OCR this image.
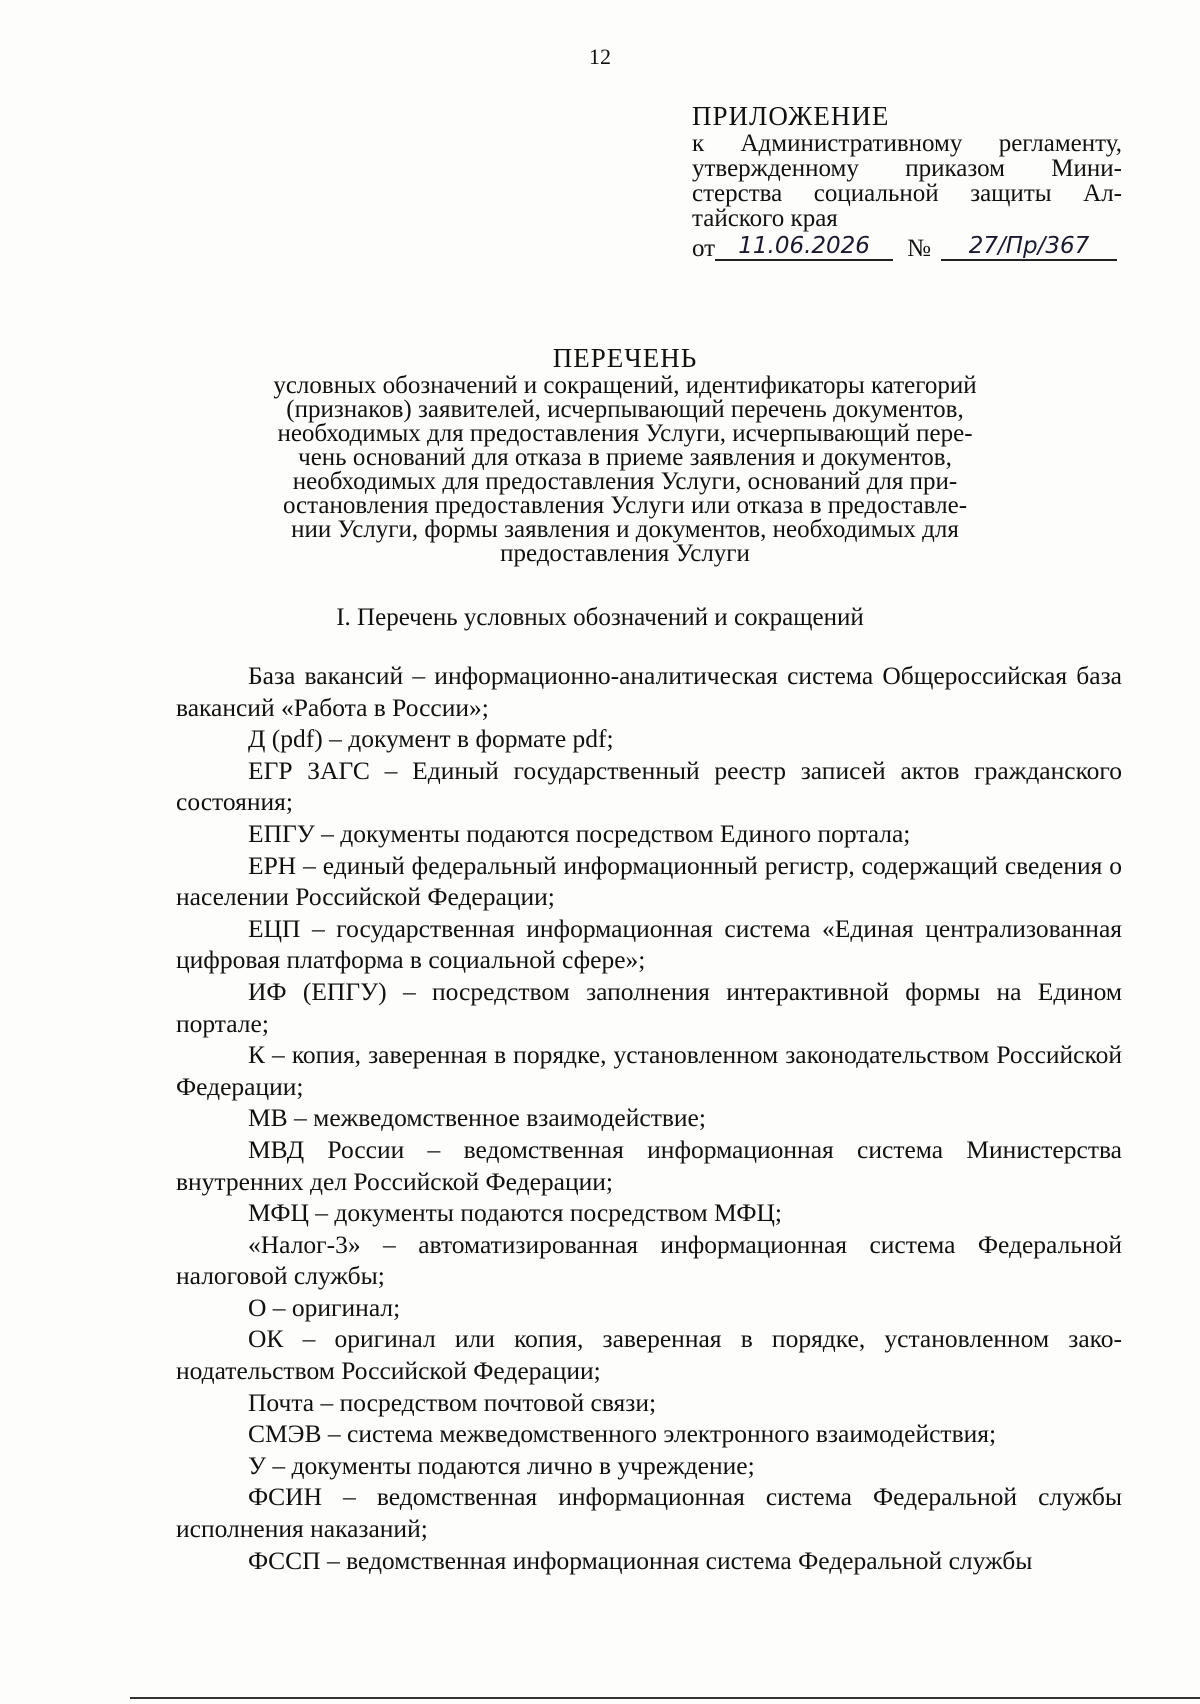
12
ПРИЛОЖЕНИЕ
к Административному регламенту,
утвержденному приказом Мини-
стерства социальной защиты Ал-
тайского края
от	11.06.2026	№	27/Пр/367
ПЕРЕЧЕНЬ
условных обозначений и сокращений, идентификаторы категорий
(признаков) заявителей, исчерпывающий перечень документов,
необходимых для предоставления Услуги, исчерпывающий пере-
чень оснований для отказа в приеме заявления и документов,
необходимых для предоставления Услуги, оснований для при-
остановления предоставления Услуги или отказа в предоставле-
нии Услуги, формы заявления и документов, необходимых для
предоставления Услуги
I. Перечень условных обозначений и сокращений

База вакансий – информационно-аналитическая система Общероссийская база вакансий «Работа в России»;

Д (pdf) – документ в формате pdf;

ЕГР ЗАГС – Единый государственный реестр записей актов гражданского состояния;

ЕПГУ – документы подаются посредством Единого портала;

ЕРН – единый федеральный информационный регистр, содержащий сведения о населении Российской Федерации;

ЕЦП – государственная информационная система «Единая централизованная цифровая платформа в социальной сфере»;

ИФ (ЕПГУ) – посредством заполнения интерактивной формы на Едином портале;

К – копия, заверенная в порядке, установленном законодательством Российской Федерации;

МВ – межведомственное взаимодействие;

МВД России – ведомственная информационная система Министерства внутренних дел Российской Федерации;

МФЦ – документы подаются посредством МФЦ;

«Налог-3» – автоматизированная информационная система Федеральной налоговой службы;

О – оригинал;

ОК – оригинал или копия, заверенная в порядке, установленном законодательством Российской Федерации;

Почта – посредством почтовой связи;

СМЭВ – система межведомственного электронного взаимодействия;

У – документы подаются лично в учреждение;

ФСИН – ведомственная информационная система Федеральной службы исполнения наказаний;

ФССП – ведомственная информационная система Федеральной службы
